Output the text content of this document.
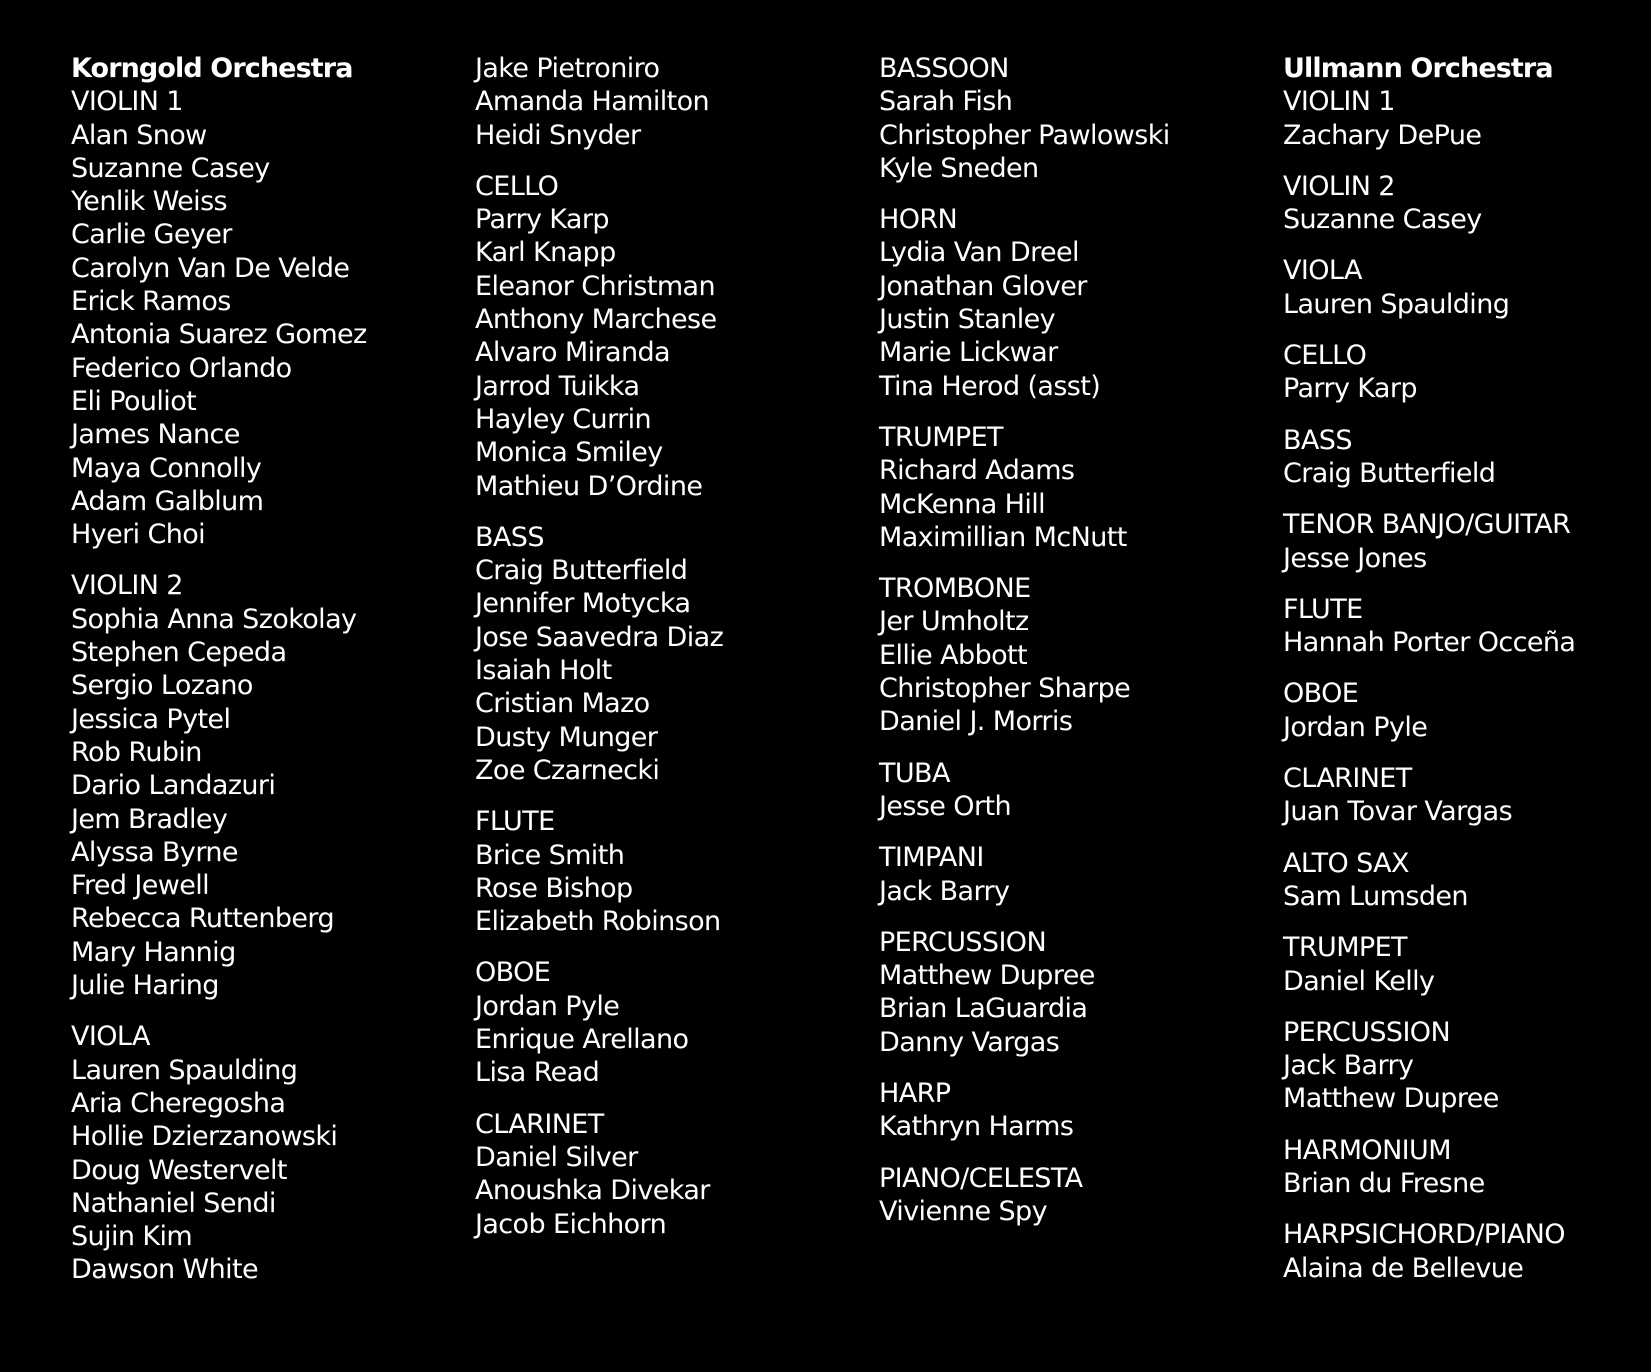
Korngold Orchestra
VIOLIN 1
Alan Snow
Suzanne Casey
Yenlik Weiss
Carlie Geyer
Carolyn Van De Velde
Erick Ramos
Antonia Suarez Gomez
Federico Orlando
Eli Pouliot
James Nance
Maya Connolly
Adam Galblum
Hyeri Choi
VIOLIN 2
Sophia Anna Szokolay
Stephen Cepeda
Sergio Lozano
Jessica Pytel
Rob Rubin
Dario Landazuri
Jem Bradley
Alyssa Byrne
Fred Jewell
Rebecca Ruttenberg
Mary Hannig
Julie Haring
VIOLA
Lauren Spaulding
Aria Cheregosha
Hollie Dzierzanowski
Doug Westervelt
Nathaniel Sendi
Sujin Kim
Dawson White
Jake Pietroniro
Amanda Hamilton
Heidi Snyder
CELLO
Parry Karp
Karl Knapp
Eleanor Christman
Anthony Marchese
Alvaro Miranda
Jarrod Tuikka
Hayley Currin
Monica Smiley
Mathieu D’Ordine
BASS
Craig Butterfield
Jennifer Motycka
Jose Saavedra Diaz
Isaiah Holt
Cristian Mazo
Dusty Munger
Zoe Czarnecki
FLUTE
Brice Smith
Rose Bishop
Elizabeth Robinson
OBOE
Jordan Pyle
Enrique Arellano
Lisa Read
CLARINET
Daniel Silver
Anoushka Divekar
Jacob Eichhorn
BASSOON
Sarah Fish
Christopher Pawlowski
Kyle Sneden
HORN
Lydia Van Dreel
Jonathan Glover
Justin Stanley
Marie Lickwar
Tina Herod (asst)
TRUMPET
Richard Adams
McKenna Hill
Maximillian McNutt
TROMBONE
Jer Umholtz
Ellie Abbott
Christopher Sharpe
Daniel J. Morris
TUBA
Jesse Orth
TIMPANI
Jack Barry
PERCUSSION
Matthew Dupree
Brian LaGuardia
Danny Vargas
HARP
Kathryn Harms
PIANO/CELESTA
Vivienne Spy
Ullmann Orchestra
VIOLIN 1
Zachary DePue
VIOLIN 2
Suzanne Casey
VIOLA
Lauren Spaulding
CELLO
Parry Karp
BASS
Craig Butterfield
TENOR BANJO/GUITAR
Jesse Jones
FLUTE
Hannah Porter Occeña
OBOE
Jordan Pyle
CLARINET
Juan Tovar Vargas
ALTO SAX
Sam Lumsden
TRUMPET
Daniel Kelly
PERCUSSION
Jack Barry
Matthew Dupree
HARMONIUM
Brian du Fresne
HARPSICHORD/PIANO
Alaina de Bellevue
